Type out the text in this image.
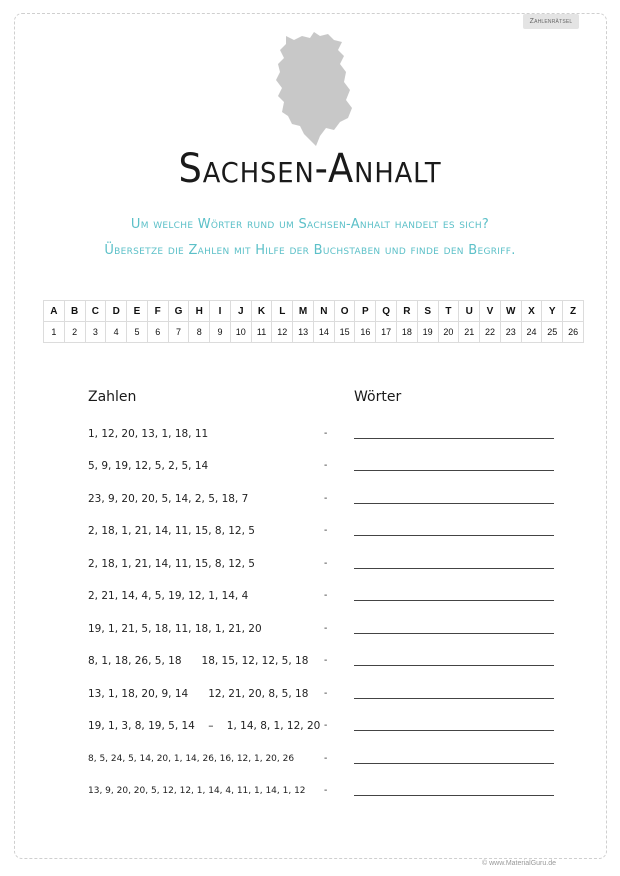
Zahlenrätsel
Sachsen-Anhalt
Um welche Wörter rund um Sachsen-Anhalt handelt es sich?
Übersetze die Zahlen mit Hilfe der Buchstaben und finde den Begriff.
A	B	C	D	E	F	G	H	I	J	K	L	M	N	O	P	Q	R	S	T	U	V	W	X	Y	Z
1	2	3	4	5	6	7	8	9	10	11	12	13	14	15	16	17	18	19	20	21	22	23	24	25	26
Zahlen	Wörter
1, 12, 20, 13, 1, 18, 11	-
5, 9, 19, 12, 5, 2, 5, 14	-
23, 9, 20, 20, 5, 14, 2, 5, 18, 7	-
2, 18, 1, 21, 14, 11, 15, 8, 12, 5	-
2, 18, 1, 21, 14, 11, 15, 8, 12, 5	-
2, 21, 14, 4, 5, 19, 12, 1, 14, 4	-
19, 1, 21, 5, 18, 11, 18, 1, 21, 20	-
8, 1, 18, 26, 5, 18      18, 15, 12, 12, 5, 18	-
13, 1, 18, 20, 9, 14      12, 21, 20, 8, 5, 18	-
19, 1, 3, 8, 19, 5, 14    –    1, 14, 8, 1, 12, 20 -
8, 5, 24, 5, 14, 20, 1, 14, 26, 16, 12, 1, 20, 26	-
13, 9, 20, 20, 5, 12, 12, 1, 14, 4, 11, 1, 14, 1, 12	-
© www.MaterialGuru.de
